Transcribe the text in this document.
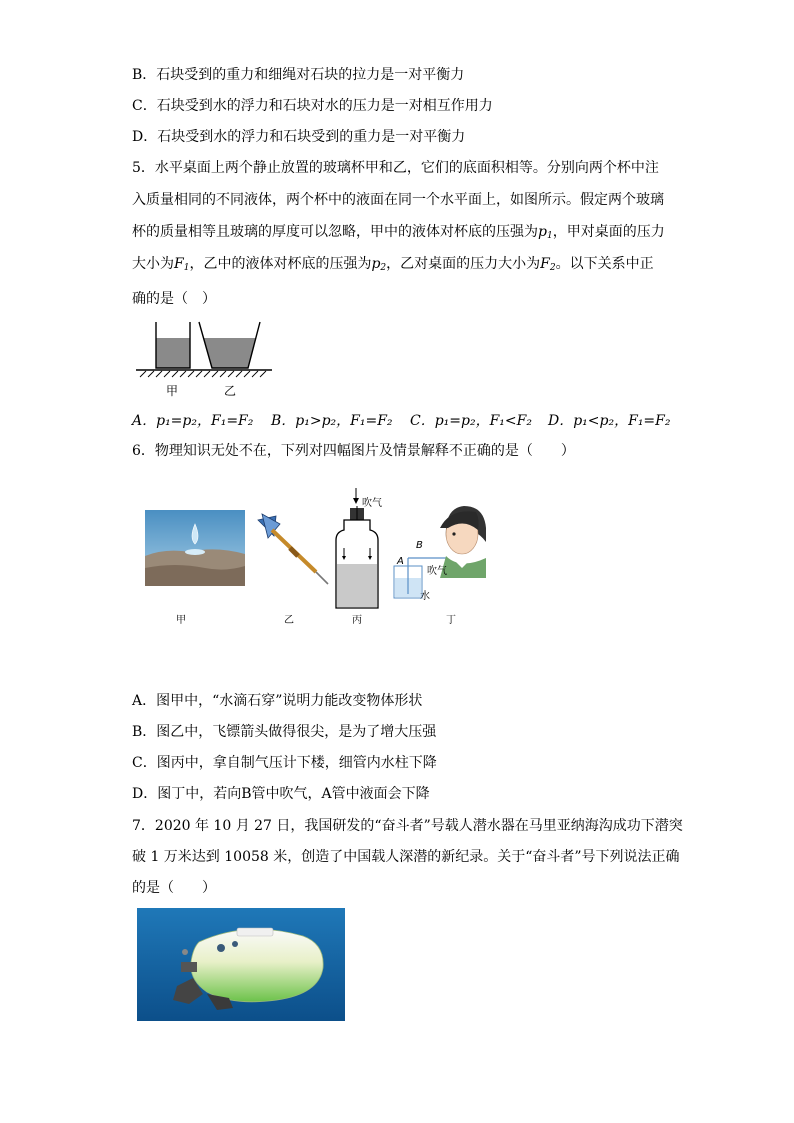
B．石块受到的重力和细绳对石块的拉力是一对平衡力
C．石块受到水的浮力和石块对水的压力是一对相互作用力
D．石块受到水的浮力和石块受到的重力是一对平衡力
5．水平桌面上两个静止放置的玻璃杯甲和乙，它们的底面积相等。分别向两个杯中注
入质量相同的不同液体，两个杯中的液面在同一个水平面上，如图所示。假定两个玻璃
杯的质量相等且玻璃的厚度可以忽略，甲中的液体对杯底的压强为$p_1$，甲对桌面的压力
大小为$F_1$，乙中的液体对杯底的压强为$p_2$，乙对桌面的压力大小为$F_2$。以下关系中正
确的是（　）
甲	乙
A．p₁=p₂，F₁=F₂ B．p₁>p₂，F₁=F₂ C．p₁=p₂，F₁<F₂ D．p₁<p₂，F₁=F₂
6．物理知识无处不在，下列对四幅图片及情景解释不正确的是（　　）
甲	乙
吹气
丙
A
B
吹气
水
丁
A．图甲中，“水滴石穿”说明力能改变物体形状
B．图乙中，飞镖箭头做得很尖，是为了增大压强
C．图丙中，拿自制气压计下楼，细管内水柱下降
D．图丁中，若向B管中吹气，A管中液面会下降
7．2020 年 10 月 27 日，我国研发的“奋斗者”号载人潜水器在马里亚纳海沟成功下潜突
破 1 万米达到 10058 米，创造了中国载人深潜的新纪录。关于“奋斗者”号下列说法正确
的是（　　）
